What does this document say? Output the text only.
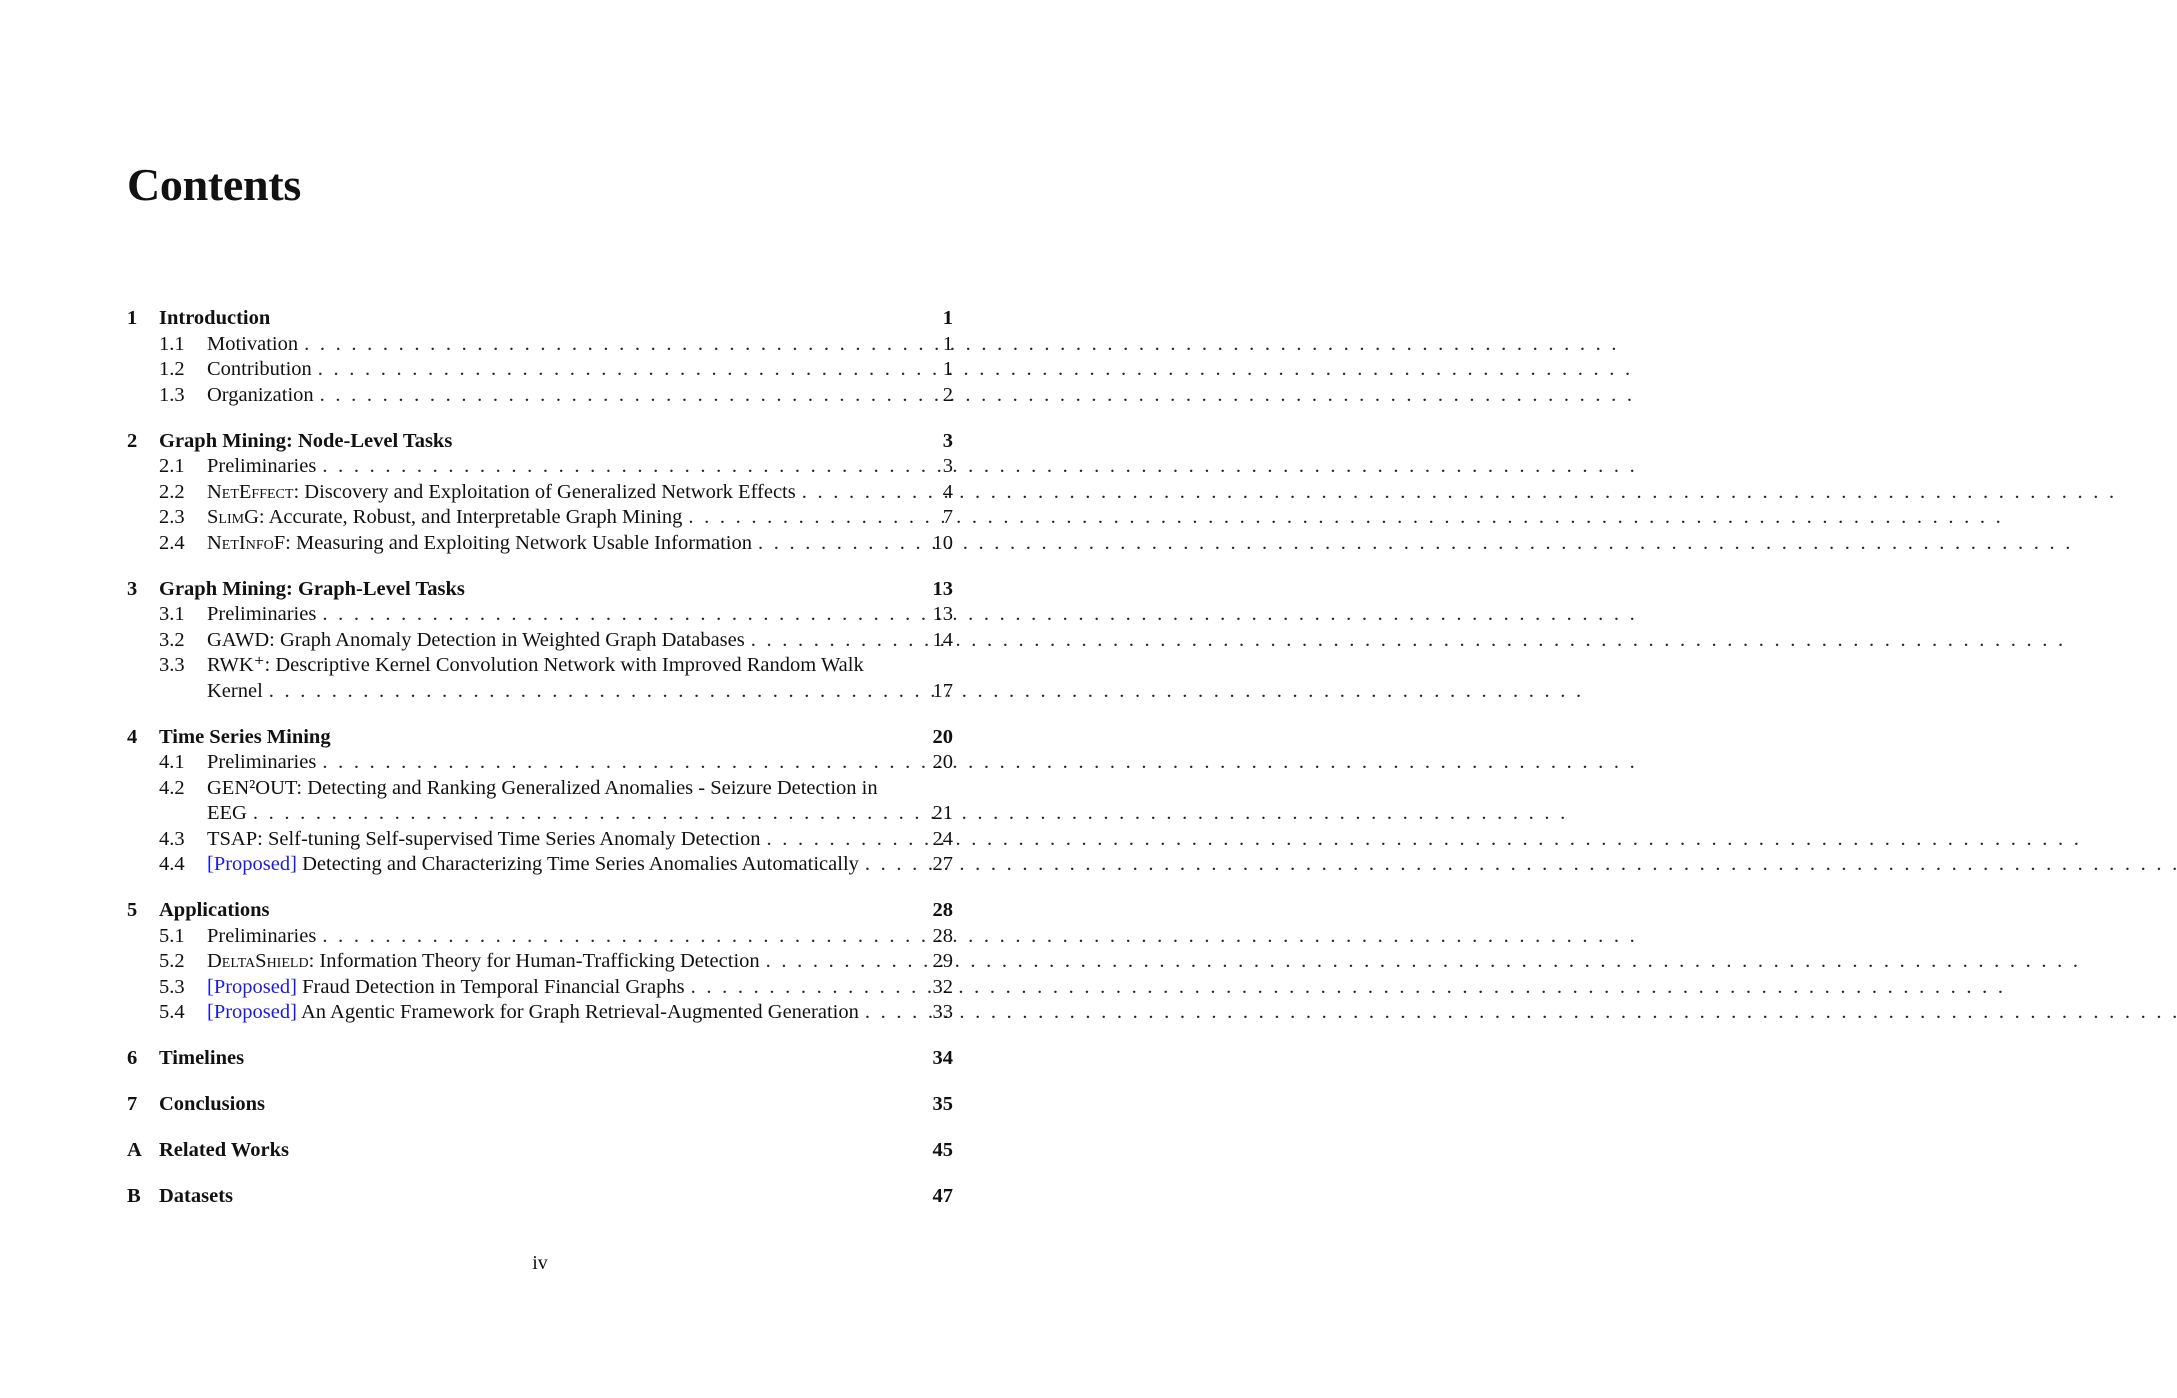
Contents
1 Introduction	1
1.1 Motivation . . .	1
1.2 Contribution . . .	1
1.3 Organization . . .	2
2 Graph Mining: Node-Level Tasks	3
2.1 Preliminaries . . .	3
2.2 NetEffect: Discovery and Exploitation of Generalized Network Effects . . .	4
2.3 SlimG: Accurate, Robust, and Interpretable Graph Mining . . .	7
2.4 NetInfoF: Measuring and Exploiting Network Usable Information . . .	10
3 Graph Mining: Graph-Level Tasks	13
3.1 Preliminaries . . .	13
3.2 GAWD: Graph Anomaly Detection in Weighted Graph Databases . . .	14
3.3 RWK⁺: Descriptive Kernel Convolution Network with Improved Random Walk
Kernel . . .	17
4 Time Series Mining	20
4.1 Preliminaries . . .	20
4.2 GEN²OUT: Detecting and Ranking Generalized Anomalies - Seizure Detection in
EEG . . .	21
4.3 TSAP: Self-tuning Self-supervised Time Series Anomaly Detection . . .	24
4.4 [Proposed] Detecting and Characterizing Time Series Anomalies Automatically . . .	27
5 Applications	28
5.1 Preliminaries . . .	28
5.2 DeltaShield: Information Theory for Human-Trafficking Detection . . .	29
5.3 [Proposed] Fraud Detection in Temporal Financial Graphs . . .	32
5.4 [Proposed] An Agentic Framework for Graph Retrieval-Augmented Generation . . .	33
6 Timelines	34
7 Conclusions	35
A Related Works	45
B Datasets	47
iv
